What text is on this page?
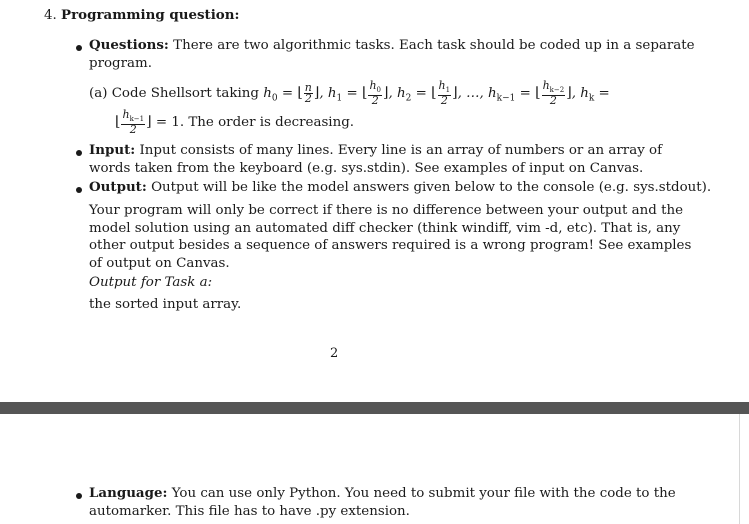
4. Programming question:
Questions: There are two algorithmic tasks. Each task should be coded up in a separate
program.
(a) Code Shellsort taking $h_0$ = ⌊ $\frac{n}{2}$ ⌋, $h_1$ = ⌊ $\frac{h_0}{2}$ ⌋, $h_2$ = ⌊ $\frac{h_1}{2}$ ⌋, …, $h_{k-1}$ = ⌊ $\frac{h_{k-2}}{2}$ ⌋, $h_k$ =
⌊ $\frac{h_{k-1}}{2}$ ⌋ = 1. The order is decreasing.
Input: Input consists of many lines. Every line is an array of numbers or an array of
words taken from the keyboard (e.g. sys.stdin). See examples of input on Canvas.
Output: Output will be like the model answers given below to the console (e.g. sys.stdout).
Your program will only be correct if there is no difference between your output and the
model solution using an automated diff checker (think windiff, vim -d, etc). That is, any
other output besides a sequence of answers required is a wrong program! See examples
of output on Canvas.
Output for Task a:
the sorted input array.
2
Language: You can use only Python. You need to submit your file with the code to the
automarker. This file has to have .py extension.
